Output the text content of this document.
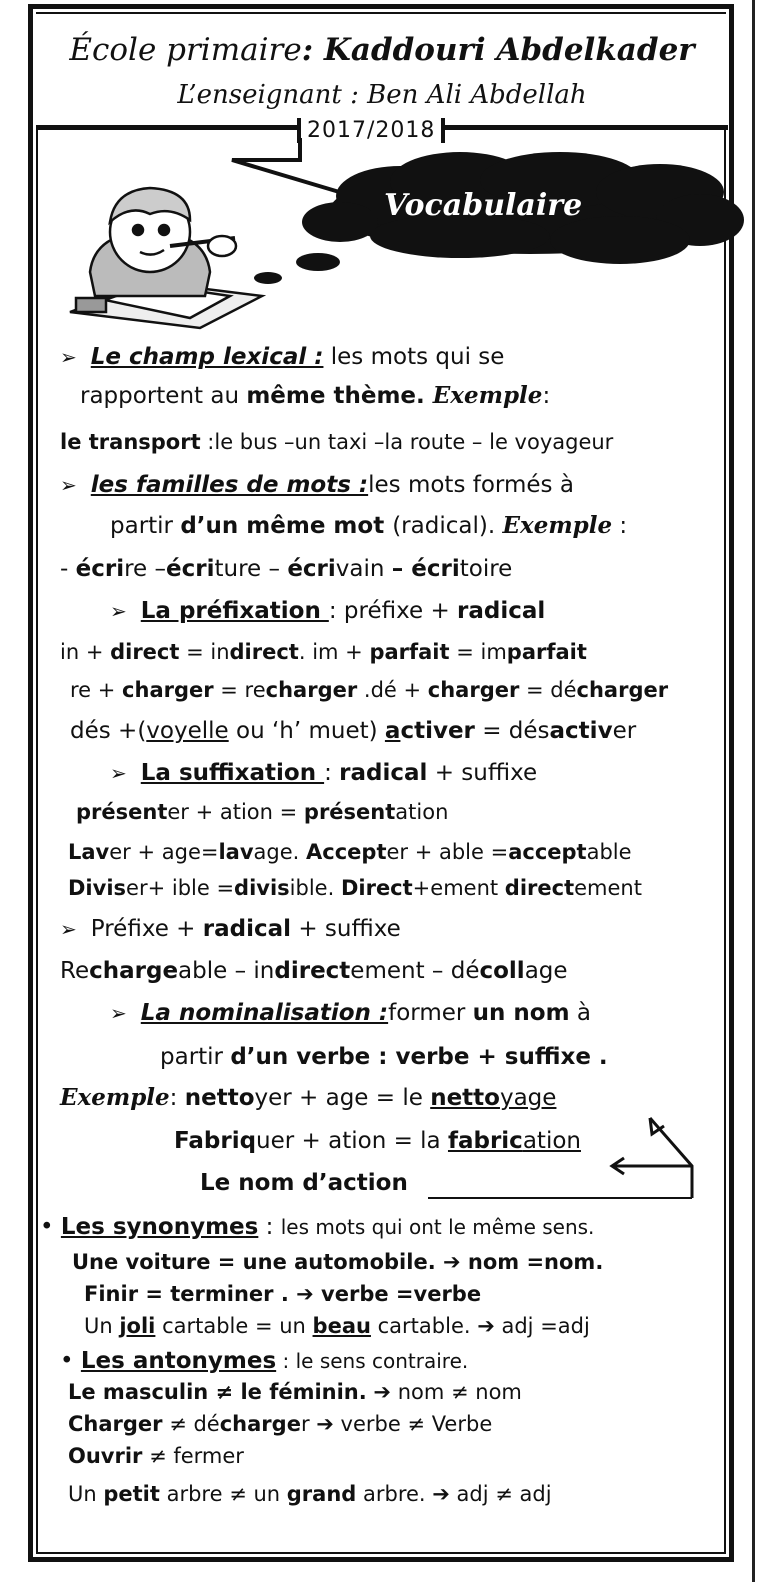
École primaire: Kaddouri Abdelkader
L’enseignant : Ben Ali Abdellah
2017/2018
Vocabulaire
➢ Le champ lexical : les mots qui se
rapportent au même thème. Exemple:
le transport :le bus –un taxi –la route – le voyageur
➢ les familles de mots :les mots formés à
partir d’un même mot (radical). Exemple :
- écrire –écriture – écrivain – écritoire
➢ La préfixation : préfixe + radical
in + direct = indirect. im + parfait = imparfait
re + charger = recharger .dé + charger = décharger
dés +(voyelle ou ‘h’ muet) activer = désactiver
➢ La suffixation : radical + suffixe
présenter + ation = présentation
Laver + age=lavage. Accepter + able =acceptable
Diviser+ ible =divisible. Direct+ement directement
➢ Préfixe + radical + suffixe
Rechargeable – indirectement – décollage
➢ La nominalisation :former un nom à
partir d’un verbe : verbe + suffixe .
Exemple: nettoyer + age = le nettoyage
Fabriquer + ation = la fabrication
Le nom d’action
• Les synonymes : les mots qui ont le même sens.
Une voiture = une automobile. ➔ nom =nom.
Finir = terminer . ➔ verbe =verbe
Un joli cartable = un beau cartable. ➔ adj =adj
• Les antonymes : le sens contraire.
Le masculin ≠ le féminin. ➔ nom ≠ nom
Charger ≠ décharger ➔ verbe ≠ Verbe
Ouvrir ≠ fermer
Un petit arbre ≠ un grand arbre. ➔ adj ≠ adj
